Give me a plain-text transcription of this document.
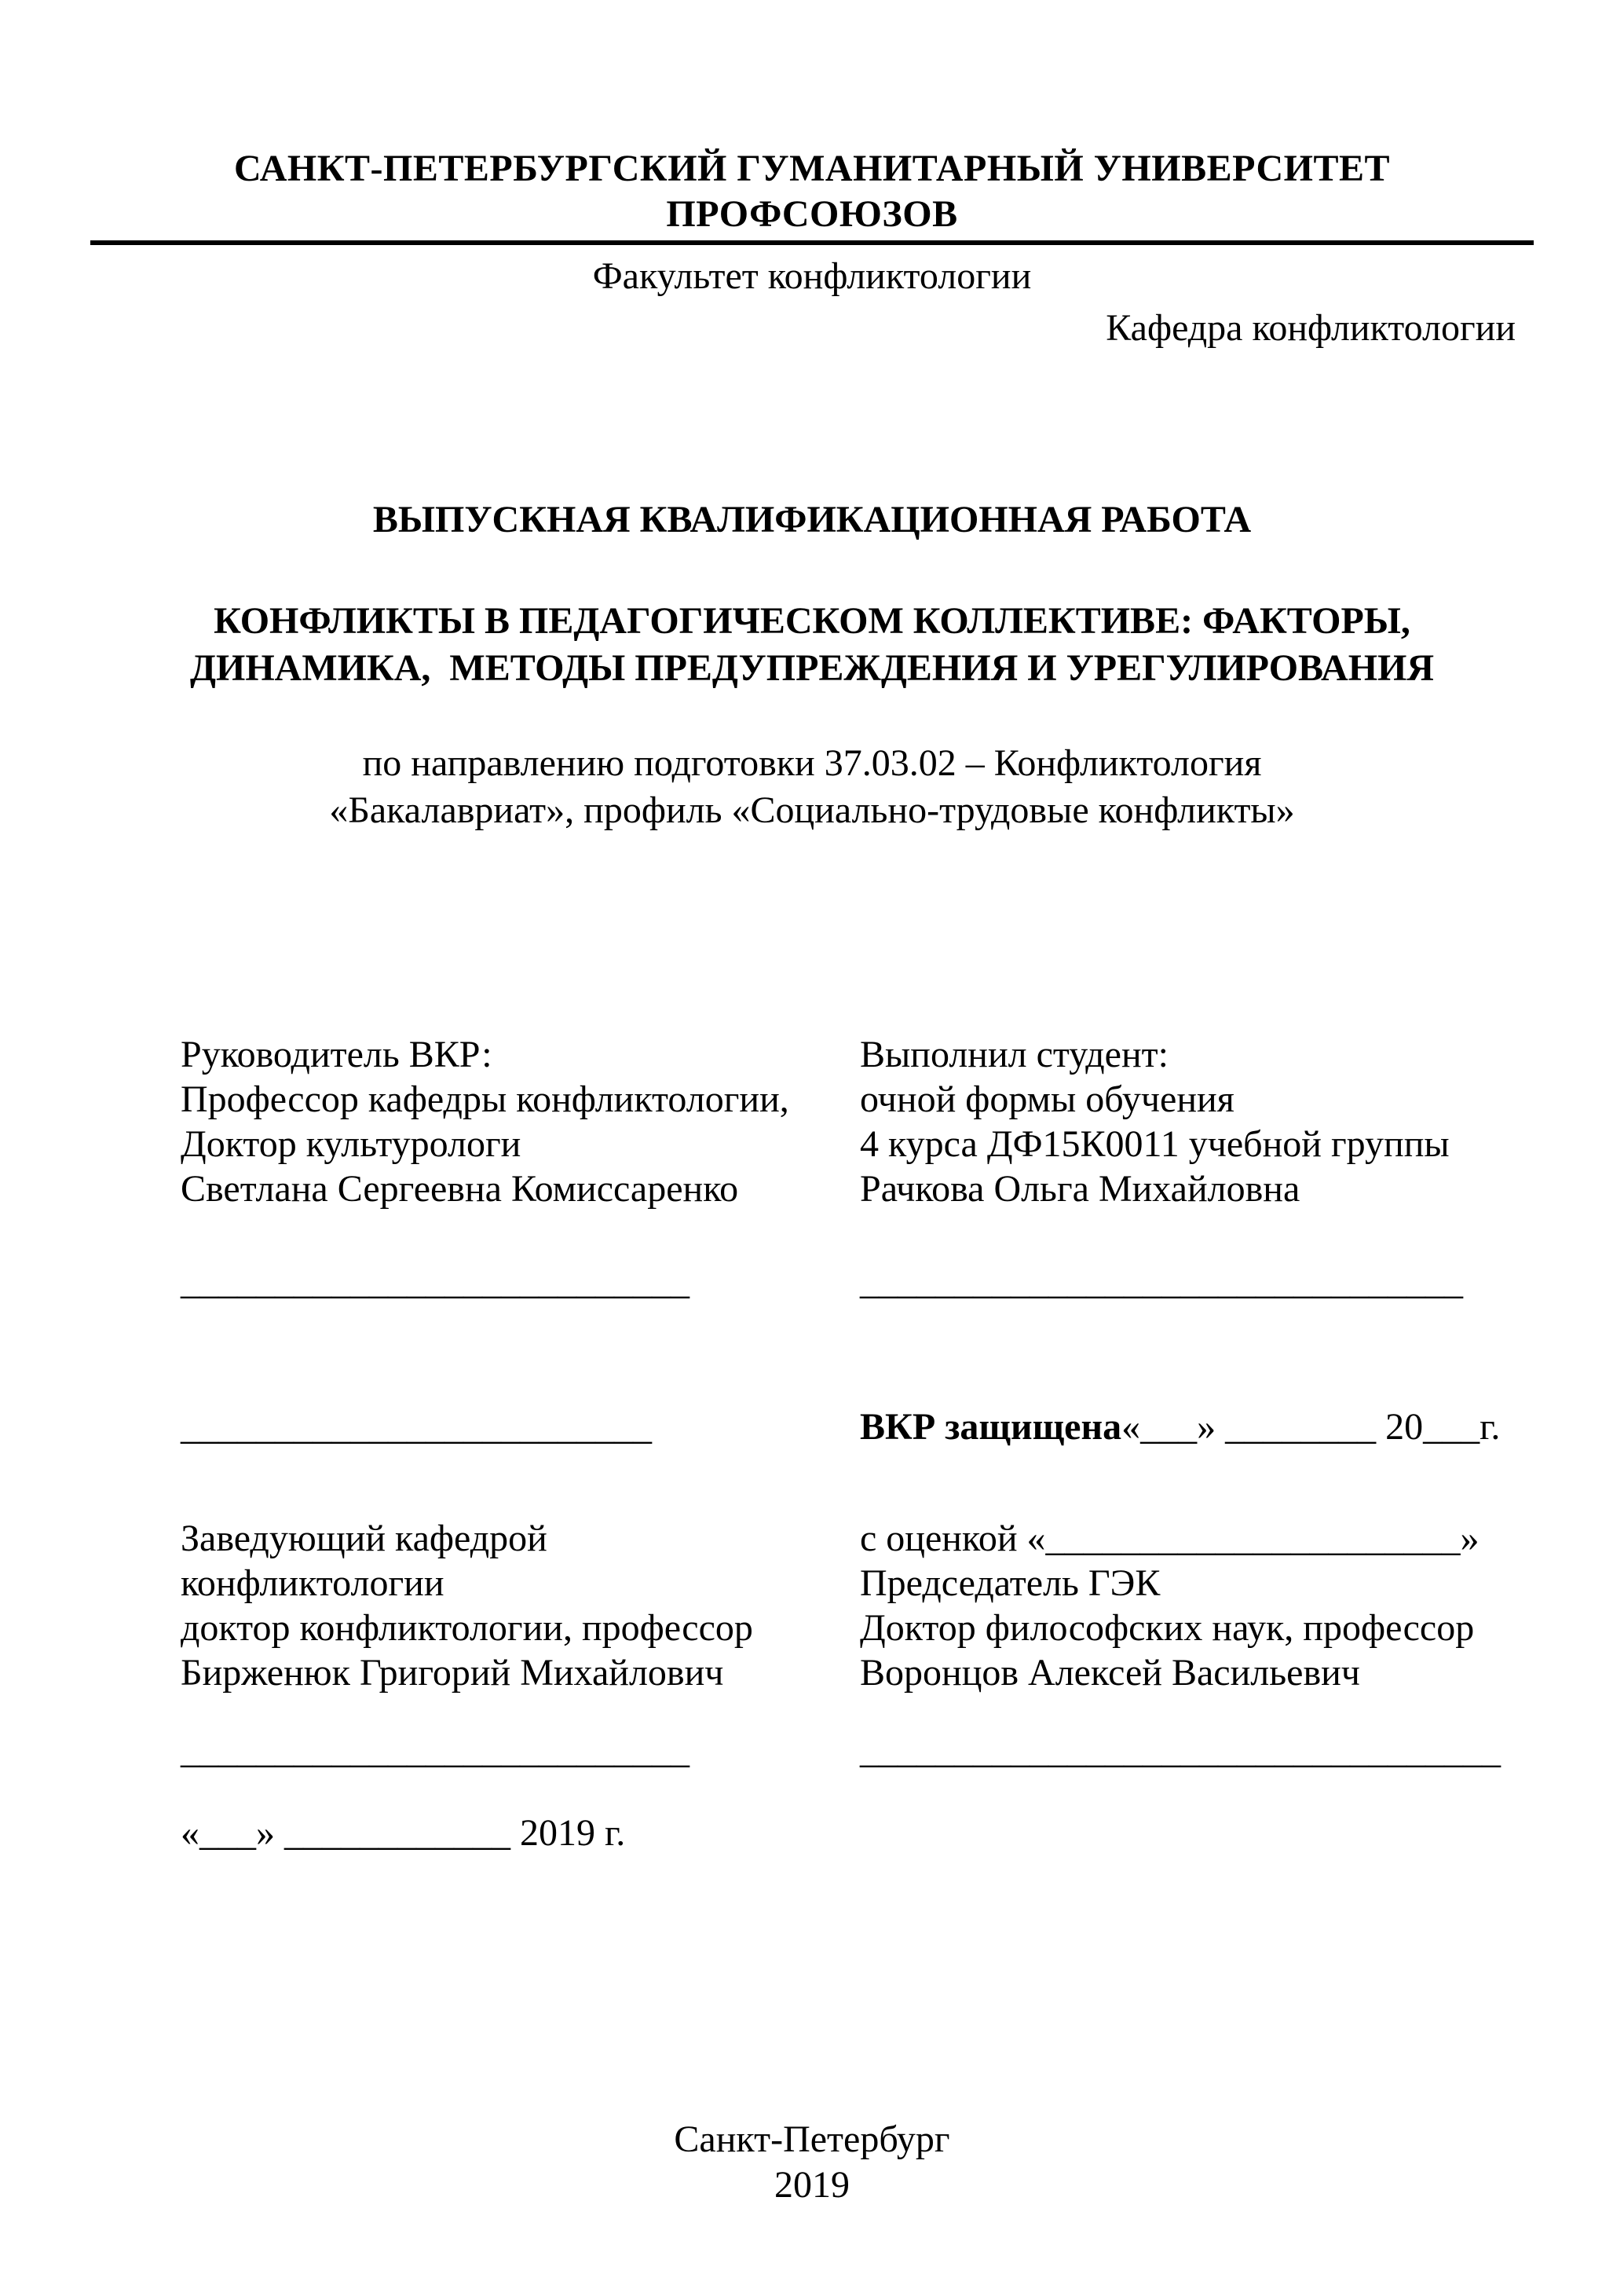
САНКТ-ПЕТЕРБУРГСКИЙ ГУМАНИТАРНЫЙ УНИВЕРСИТЕТ ПРОФСОЮЗОВ
Факультет конфликтологии
Кафедра конфликтологии
ВЫПУСКНАЯ КВАЛИФИКАЦИОННАЯ РАБОТА
КОНФЛИКТЫ В ПЕДАГОГИЧЕСКОМ КОЛЛЕКТИВЕ: ФАКТОРЫ,
ДИНАМИКА,  МЕТОДЫ ПРЕДУПРЕЖДЕНИЯ И УРЕГУЛИРОВАНИЯ
по направлению подготовки 37.03.02 – Конфликтология
«Бакалавриат», профиль «Социально-трудовые конфликты»
Руководитель ВКР:	Выполнил студент:
Профессор кафедры конфликтологии,	очной формы обучения
Доктор культурологи	4 курса ДФ15К0011 учебной группы
Светлана Сергеевна Комиссаренко	Рачкова Ольга Михайловна
___________________________	________________________________
_________________________	ВКР защищена«___» ________ 20___г.
Заведующий кафедрой	с оценкой «______________________»
конфликтологии	Председатель ГЭК
доктор конфликтологии, профессор	Доктор философских наук, профессор
Бирженюк Григорий Михайлович	Воронцов Алексей Васильевич
___________________________	__________________________________
«___» ____________ 2019 г.
Санкт-Петербург
2019
